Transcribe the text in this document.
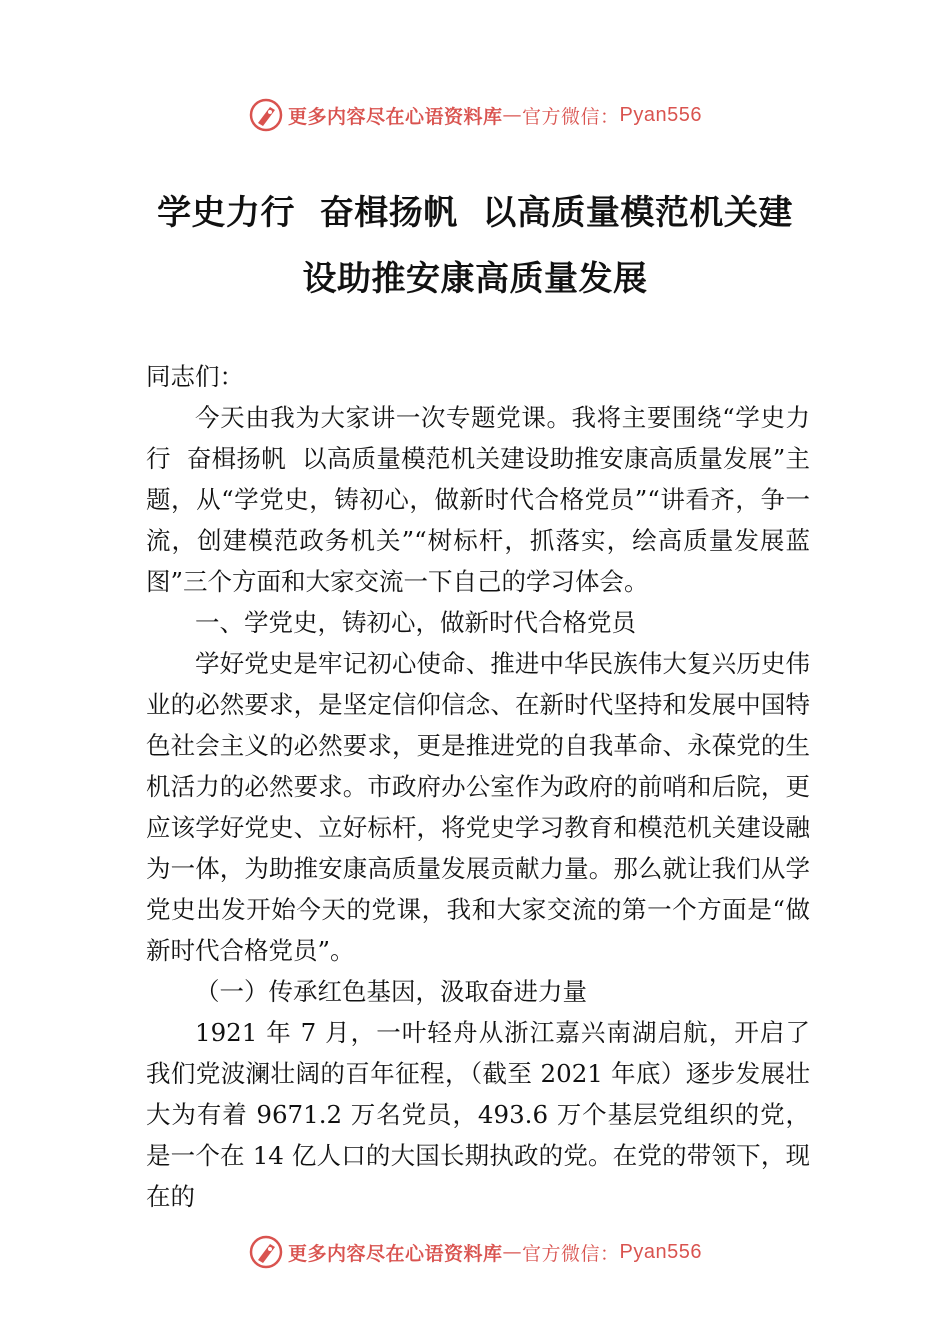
更多内容尽在心语资料库 — 官方微信： Pyan556
学史力行  奋楫扬帆  以高质量模范机关建
设助推安康高质量发展

同志们：

今天由我为大家讲一次专题党课。我将主要围绕“学史力行  奋楫扬帆  以高质量模范机关建设助推安康高质量发展”主题，从“学党史，铸初心，做新时代合格党员”“讲看齐，争一流，创建模范政务机关”“树标杆，抓落实，绘高质量发展蓝图”三个方面和大家交流一下自己的学习体会。

一、学党史，铸初心，做新时代合格党员

学好党史是牢记初心使命、推进中华民族伟大复兴历史伟业的必然要求，是坚定信仰信念、在新时代坚持和发展中国特色社会主义的必然要求，更是推进党的自我革命、永葆党的生机活力的必然要求。市政府办公室作为政府的前哨和后院，更应该学好党史、立好标杆，将党史学习教育和模范机关建设融为一体，为助推安康高质量发展贡献力量。那么就让我们从学党史出发开始今天的党课，我和大家交流的第一个方面是“做新时代合格党员”。

（一）传承红色基因，汲取奋进力量

1921 年 7 月，一叶轻舟从浙江嘉兴南湖启航，开启了我们党波澜壮阔的百年征程，（截至 2021 年底）逐步发展壮大为有着 9671.2 万名党员，493.6 万个基层党组织的党，是一个在 14 亿人口的大国长期执政的党。在党的带领下，现在的

更多内容尽在心语资料库 — 官方微信： Pyan556
